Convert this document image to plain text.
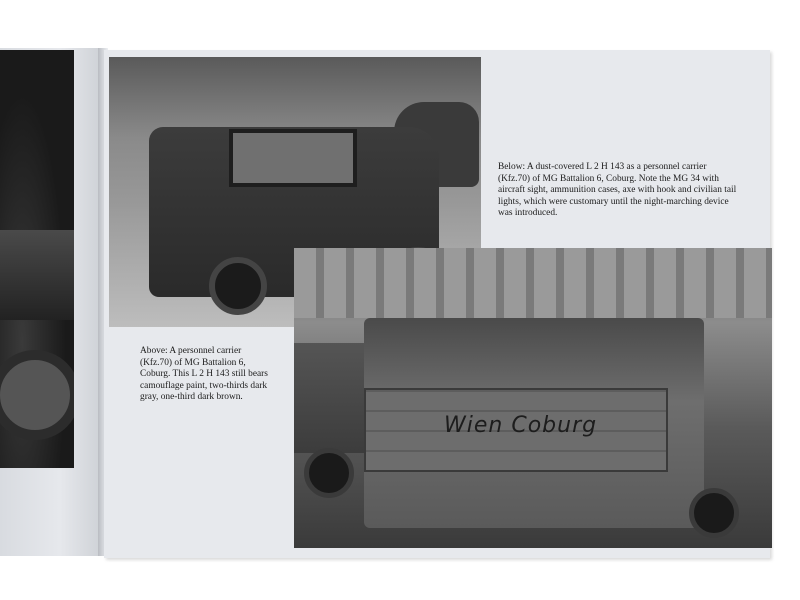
Below: A dust-covered L 2 H 143 as a personnel carrier (Kfz.70) of MG Battalion 6, Coburg. Note the MG 34 with aircraft sight, ammunition cases, axe with hook and civilian tail lights, which were customary until the night-marching device was introduced.
Wien Coburg
Above: A personnel carrier (Kfz.70) of MG Battalion 6, Coburg. This L 2 H 143 still bears camouflage paint, two-thirds dark gray, one-third dark brown.
